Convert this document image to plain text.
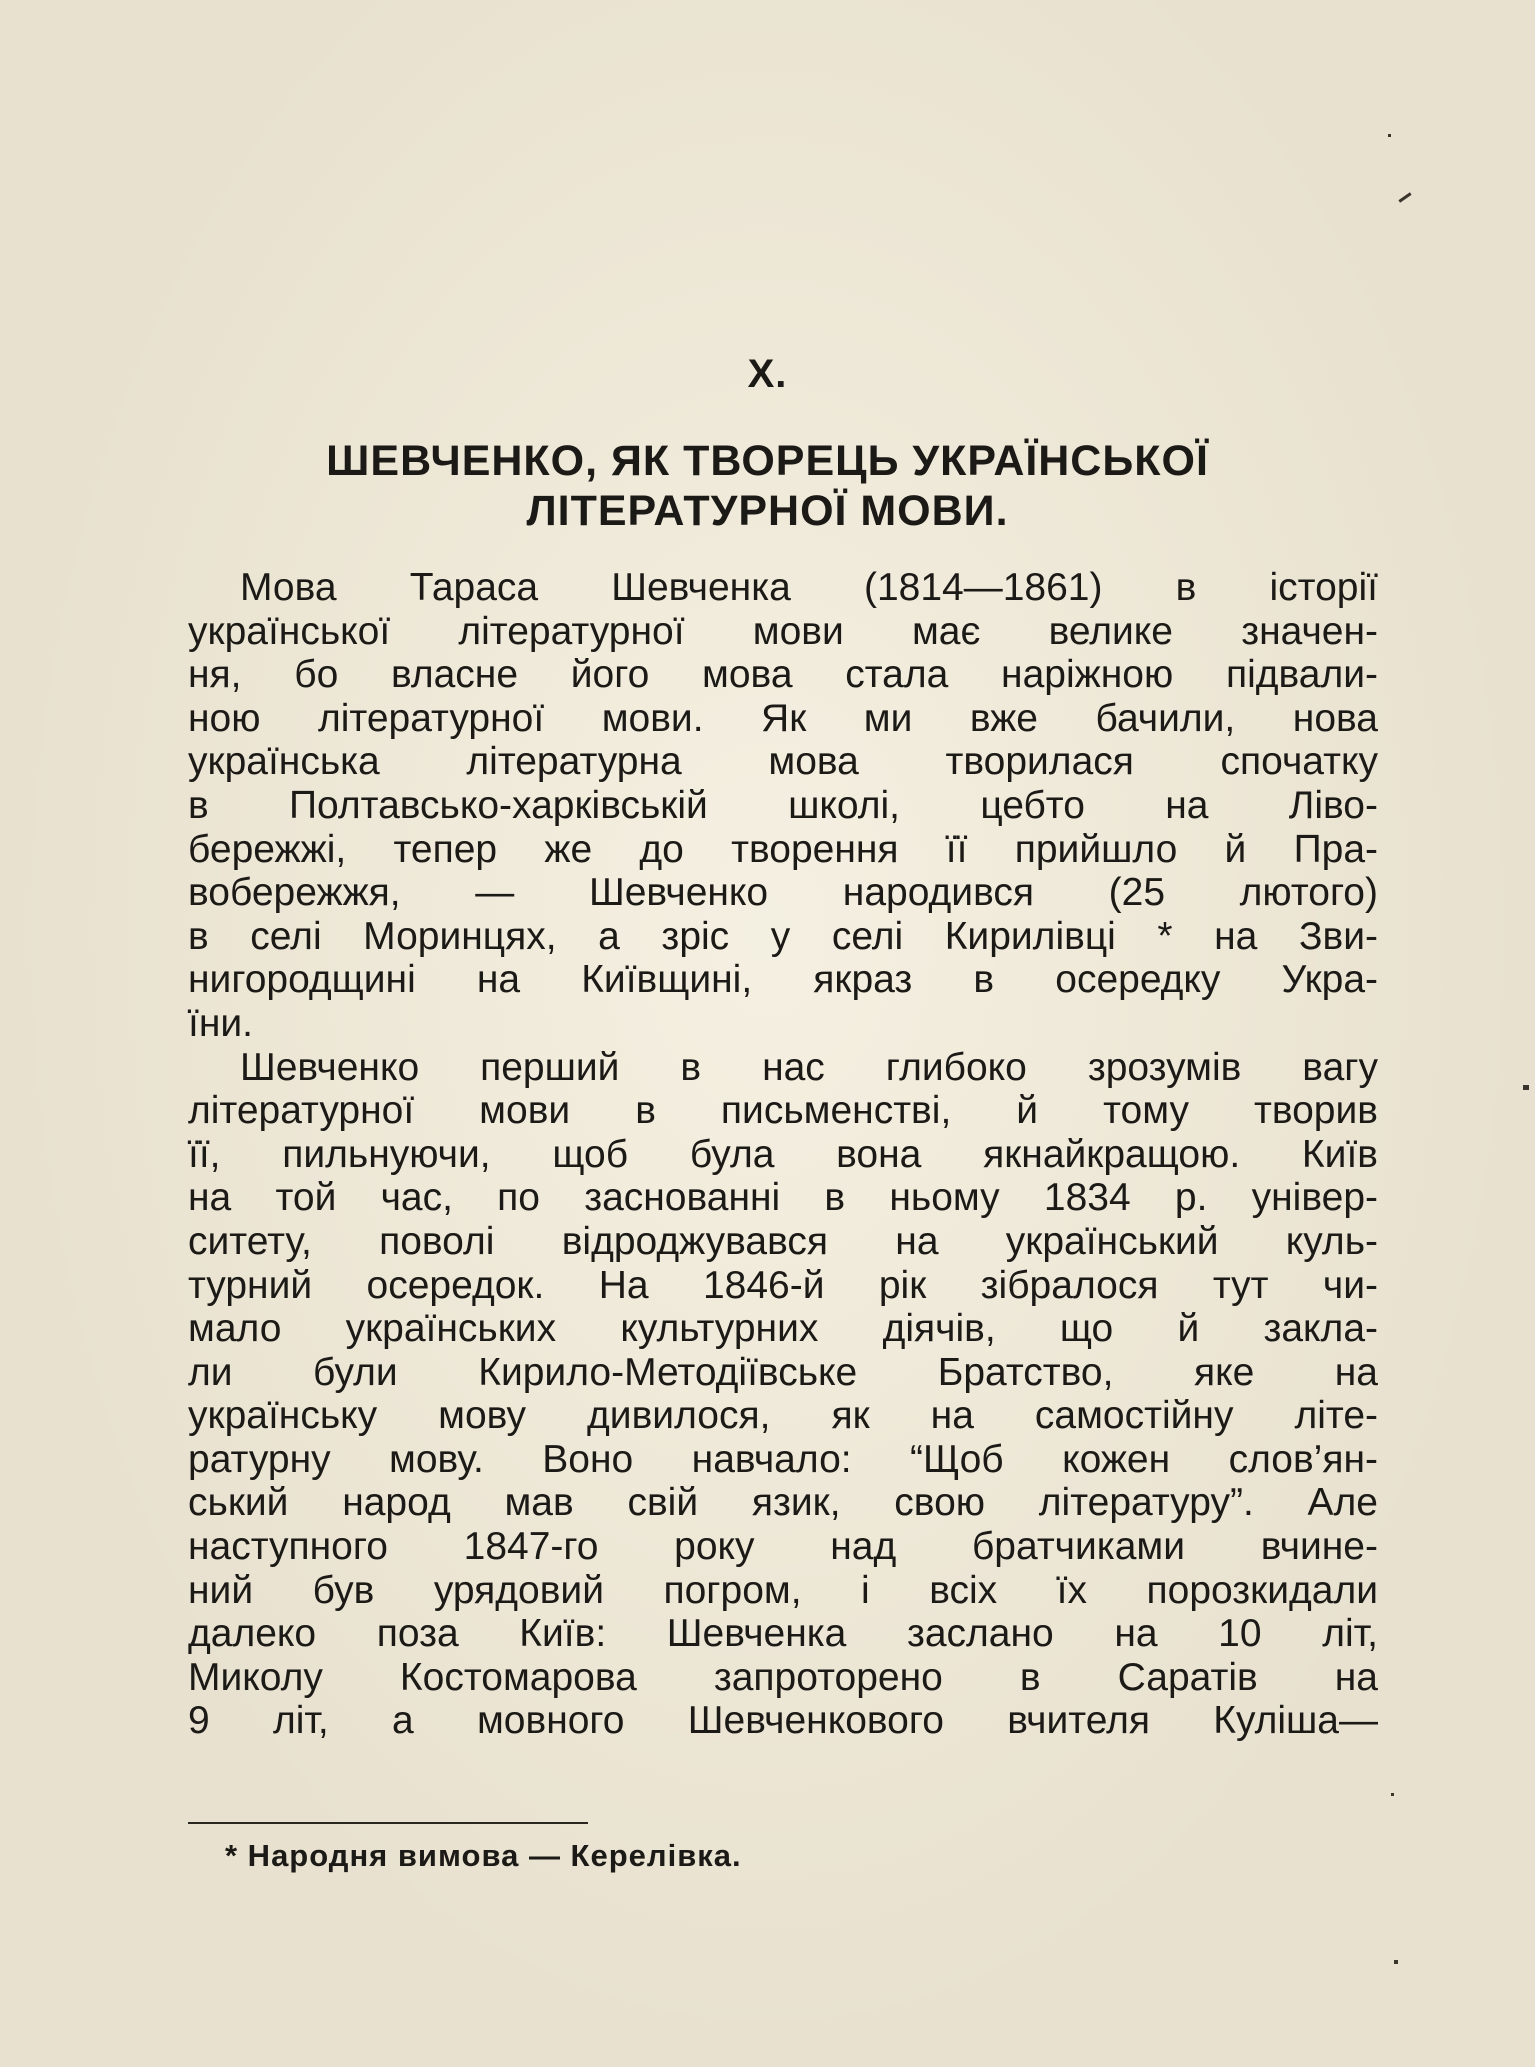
X.
ШЕВЧЕНКО, ЯК ТВОРЕЦЬ УКРАЇНСЬКОЇ
ЛІТЕРАТУРНОЇ МОВИ.
Мова Тараса Шевченка (1814—1861) в історії
української літературної мови має велике значен-
ня, бо власне його мова стала наріжною підвали-
ною літературної мови. Як ми вже бачили, нова
українська літературна мова творилася спочатку
в Полтавсько-харківській школі, цебто на Ліво-
бережжі, тепер же до творення її прийшло й Пра-
вобережжя, — Шевченко народився (25 лютого)
в селі Моринцях, а зріс у селі Кирилівці * на Зви-
нигородщині на Київщині, якраз в осередку Укра-
їни.
Шевченко перший в нас глибоко зрозумів вагу
літературної мови в письменстві, й тому творив
її, пильнуючи, щоб була вона якнайкращою. Київ
на той час, по заснованні в ньому 1834 р. універ-
ситету, поволі відроджувався на український куль-
турний осередок. На 1846-й рік зібралося тут чи-
мало українських культурних діячів, що й закла-
ли були Кирило-Методіївське Братство, яке на
українську мову дивилося, як на самостійну літе-
ратурну мову. Воно навчало: “Щоб кожен слов’ян-
ський народ мав свій язик, свою літературу”. Але
наступного 1847-го року над братчиками вчине-
ний був урядовий погром, і всіх їх порозкидали
далеко поза Київ: Шевченка заслано на 10 літ,
Миколу Костомарова запроторено в Саратів на
9 літ, а мовного Шевченкового вчителя Куліша—
* Народня вимова — Керелівка.
